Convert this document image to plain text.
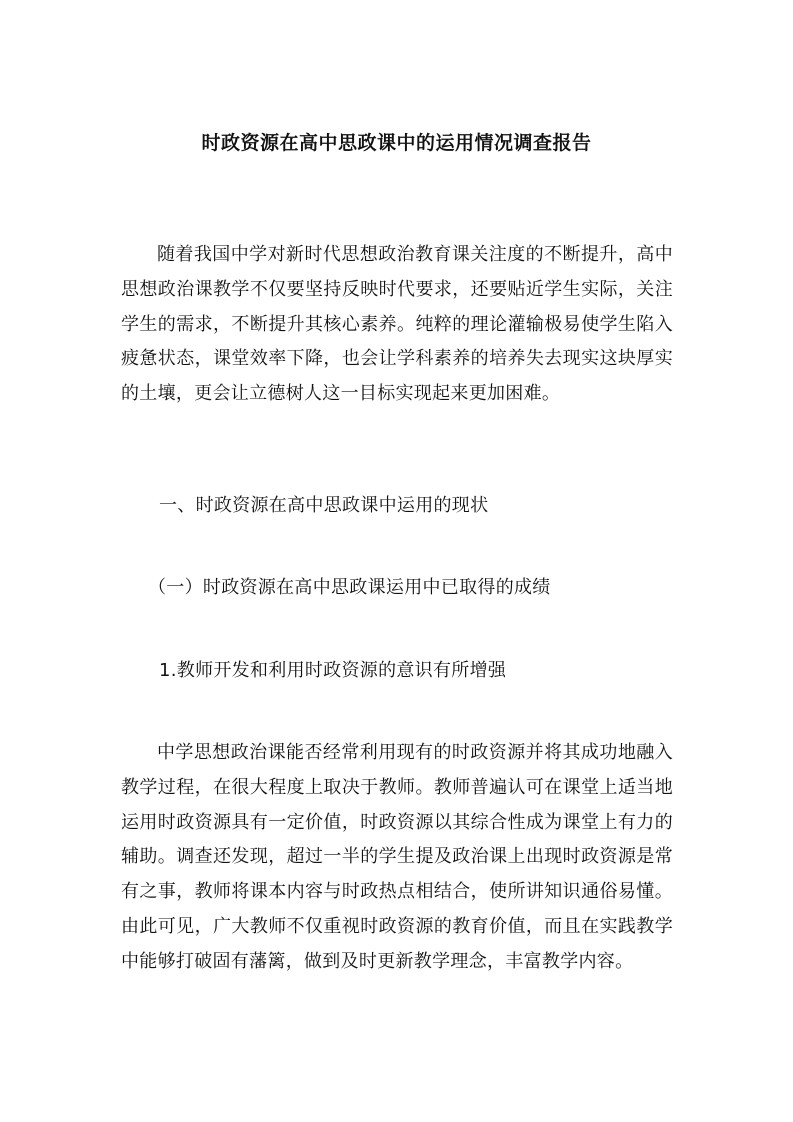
时政资源在高中思政课中的运用情况调查报告
随着我国中学对新时代思想政治教育课关注度的不断提升，高中思想政治课教学不仅要坚持反映时代要求，还要贴近学生实际，关注学生的需求，不断提升其核心素养。纯粹的理论灌输极易使学生陷入疲惫状态，课堂效率下降，也会让学科素养的培养失去现实这块厚实的土壤，更会让立德树人这一目标实现起来更加困难。
一、时政资源在高中思政课中运用的现状
（一）时政资源在高中思政课运用中已取得的成绩
1.教师开发和利用时政资源的意识有所增强
中学思想政治课能否经常利用现有的时政资源并将其成功地融入教学过程，在很大程度上取决于教师。教师普遍认可在课堂上适当地运用时政资源具有一定价值，时政资源以其综合性成为课堂上有力的辅助。调查还发现，超过一半的学生提及政治课上出现时政资源是常有之事，教师将课本内容与时政热点相结合，使所讲知识通俗易懂。由此可见，广大教师不仅重视时政资源的教育价值，而且在实践教学中能够打破固有藩篱，做到及时更新教学理念，丰富教学内容。
